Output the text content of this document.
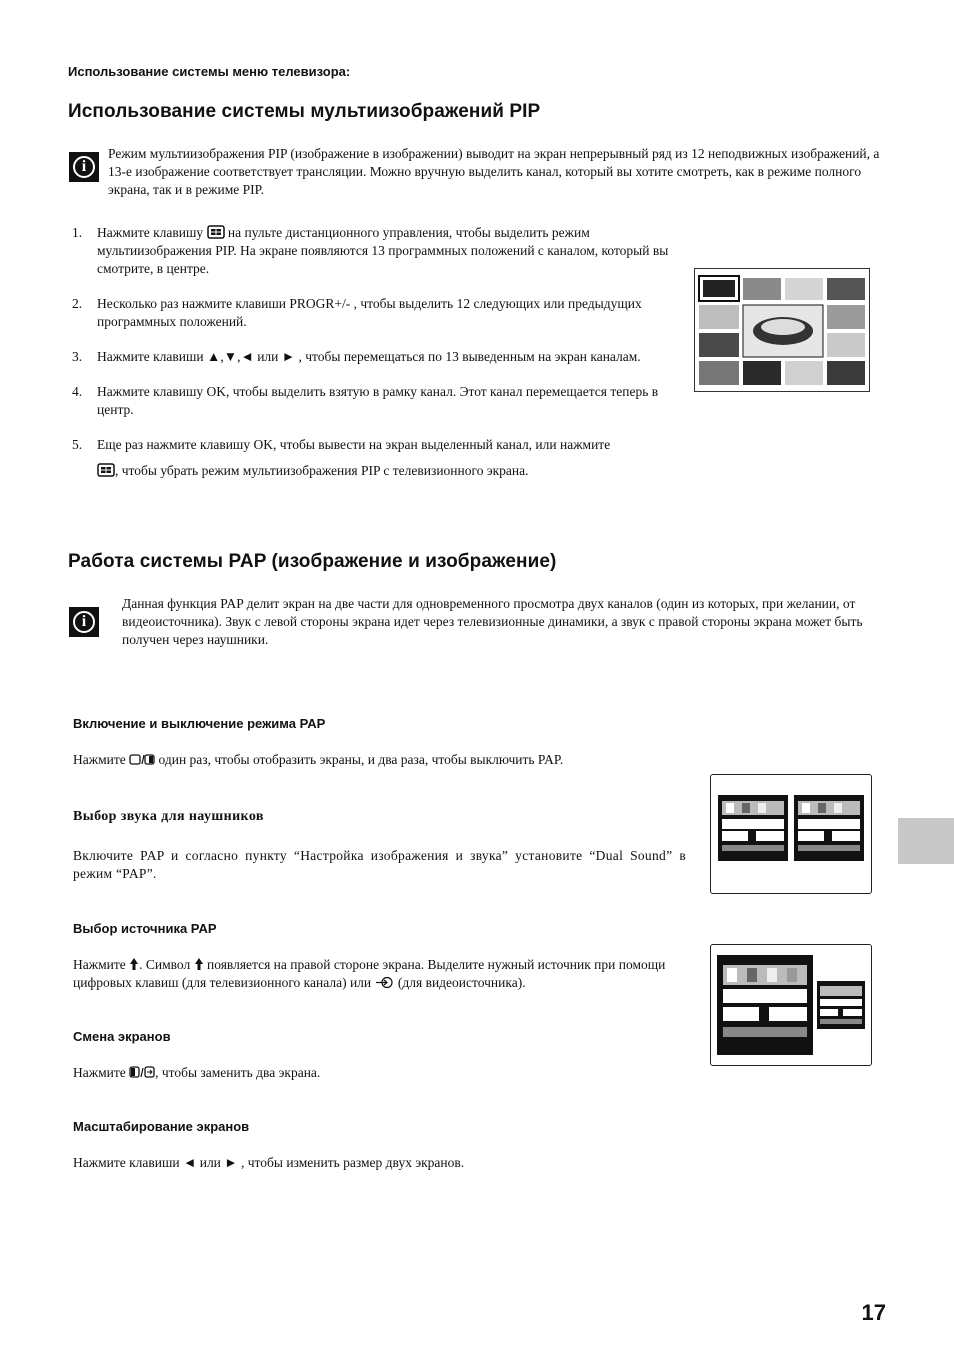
Использование системы меню телевизора:
Использование системы мультиизображений PIP
i
Режим мультиизображения PIP (изображение в изображении) выводит на экран непрерывный ряд из 12 неподвижных изображений, а 13-е изображение соответствует трансляции. Можно вручную выделить канал, который вы хотите смотреть, как в режиме полного экрана, так и в режиме PIP.
1. Нажмите клавишу на пульте дистанционного управления, чтобы выделить режим мультиизображения PIP. На экране появляются 13 программных положений с каналом, который вы смотрите, в центре.
2. Несколько раз нажмите клавиши PROGR+/- , чтобы выделить 12 следующих или предыдущих программных положений.
3. Нажмите клавиши ▲,▼,◄ или ► , чтобы перемещаться по 13 выведенным на экран каналам.
4. Нажмите клавишу OK, чтобы выделить взятую в рамку канал. Этот канал перемещается теперь в центр.
5. Еще раз нажмите клавишу OK, чтобы вывести на экран выделенный канал, или нажмите
, чтобы убрать режим мультиизображения PIP с телевизионного экрана.
Работа системы PAP (изображение и изображение)
i
Данная функция PAP делит экран на две части для одновременного просмотра двух каналов (один из которых, при желании, от видеоисточника). Звук с левой стороны экрана идет через телевизионные динамики, а звук с правой стороны экрана может быть получен через наушники.
Включение и выключение режима PAP
Нажмите один раз, чтобы отобразить экраны, и два раза, чтобы выключить PAP.
Выбор звука для наушников
Включите PAP и согласно пункту “Настройка изображения и звука” установите “Dual Sound” в режим “PAP”.
Выбор источника PAP
Нажмите . Символ появляется на правой стороне экрана. Выделите нужный источник при помощи цифровых клавиш (для телевизионного канала) или (для видеоисточника).
Смена экранов
Нажмите , чтобы заменить два экрана.
Масштабирование экранов
Нажмите клавиши ◄ или ► , чтобы изменить размер двух экранов.
17
